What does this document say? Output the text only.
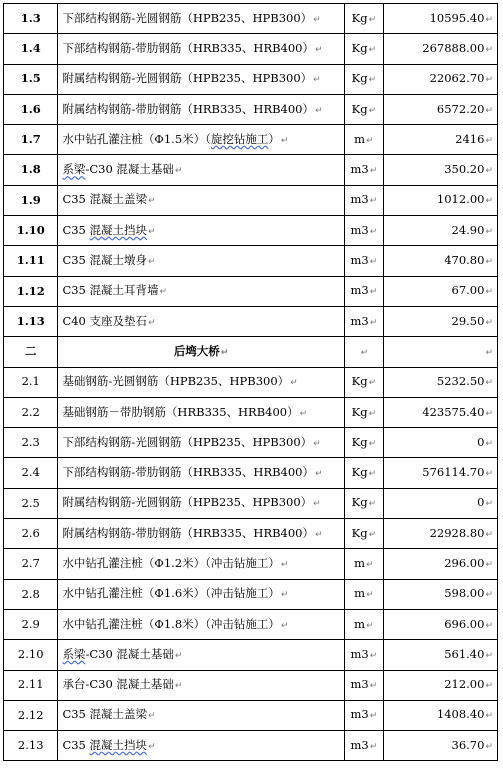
1.3	下部结构钢筋-光圆钢筋（HPB235、HPB300）↵	Kg↵	10595.40↵
1.4	下部结构钢筋-带肋钢筋（HRB335、HRB400）↵	Kg↵	267888.00↵
1.5	附属结构钢筋-光圆钢筋（HPB235、HPB300）↵	Kg↵	22062.70↵
1.6	附属结构钢筋-带肋钢筋（HRB335、HRB400）↵	Kg↵	6572.20↵
1.7	水中钻孔灌注桩（Φ1.5米）（旋挖钻施工）↵	m↵	2416↵
1.8	系梁-C30 混凝土基础↵	m3↵	350.20↵
1.9	C35 混凝土盖梁↵	m3↵	1012.00↵
1.10	C35 混凝土挡块↵	m3↵	24.90↵
1.11	C35 混凝土墩身↵	m3↵	470.80↵
1.12	C35 混凝土耳背墙↵	m3↵	67.00↵
1.13	C40 支座及垫石↵	m3↵	29.50↵
二	后塆大桥↵	↵	↵
2.1	基础钢筋-光圆钢筋（HPB235、HPB300）↵	Kg↵	5232.50↵
2.2	基础钢筋－带肋钢筋（HRB335、HRB400）↵	Kg↵	423575.40↵
2.3	下部结构钢筋-光圆钢筋（HPB235、HPB300）↵	Kg↵	0↵
2.4	下部结构钢筋-带肋钢筋（HRB335、HRB400）↵	Kg↵	576114.70↵
2.5	附属结构钢筋-光圆钢筋（HPB235、HPB300）↵	Kg↵	0↵
2.6	附属结构钢筋-带肋钢筋（HRB335、HRB400）↵	Kg↵	22928.80↵
2.7	水中钻孔灌注桩（Φ1.2米）（冲击钻施工）↵	m↵	296.00↵
2.8	水中钻孔灌注桩（Φ1.6米）（冲击钻施工）↵	m↵	598.00↵
2.9	水中钻孔灌注桩（Φ1.8米）（冲击钻施工）↵	m↵	696.00↵
2.10	系梁-C30 混凝土基础↵	m3↵	561.40↵
2.11	承台-C30 混凝土基础↵	m3↵	212.00↵
2.12	C35 混凝土盖梁↵	m3↵	1408.40↵
2.13	C35 混凝土挡块↵	m3↵	36.70↵
